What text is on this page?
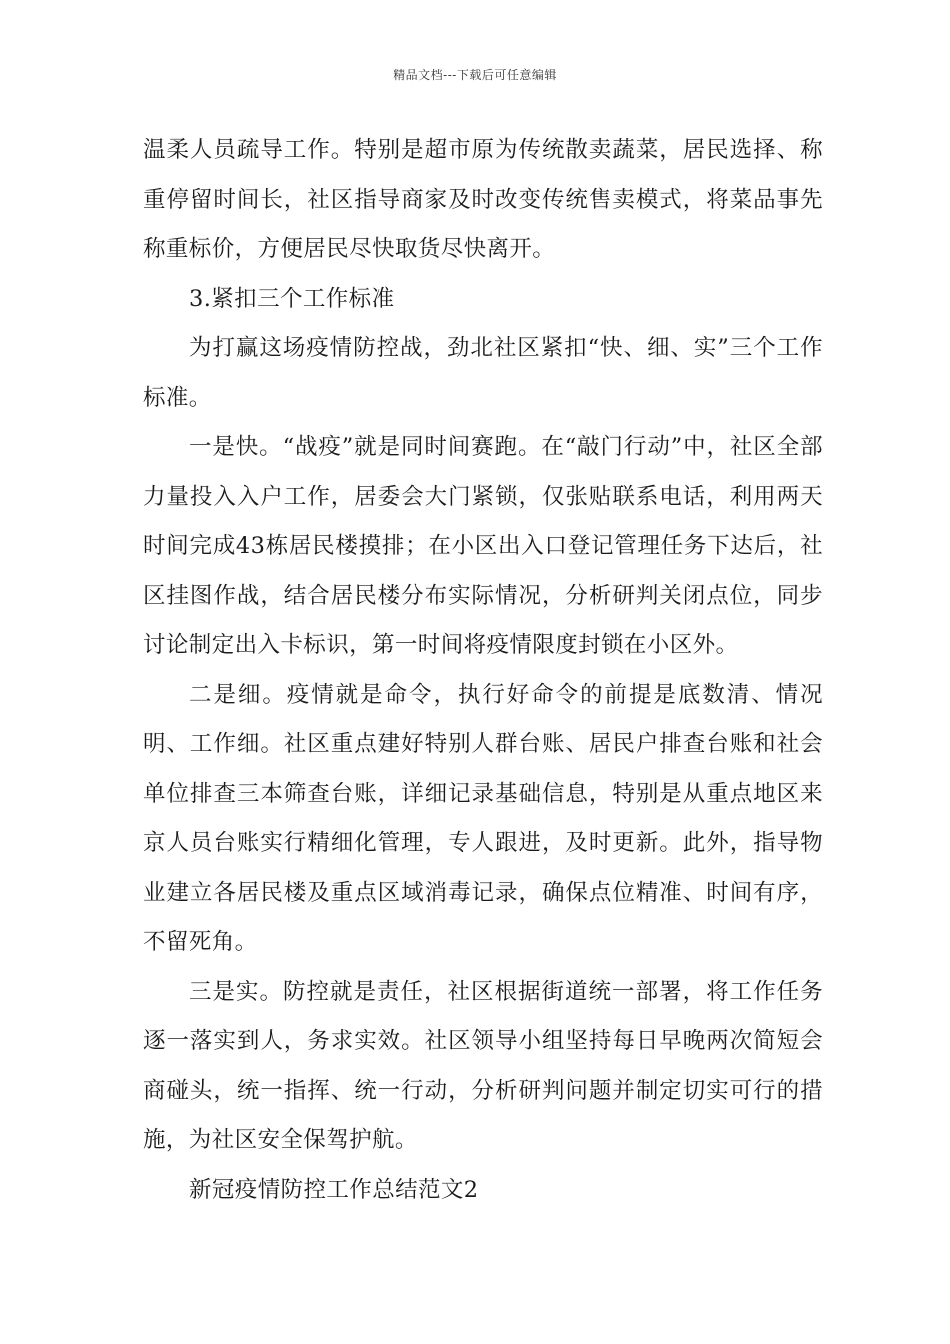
精品文档---下载后可任意编辑

温柔人员疏导工作。特别是超市原为传统散卖蔬菜，居民选择、称重停留时间长，社区指导商家及时改变传统售卖模式，将菜品事先称重标价，方便居民尽快取货尽快离开。

3.紧扣三个工作标准

为打赢这场疫情防控战，劲北社区紧扣“快、细、实”三个工作标准。

一是快。“战疫”就是同时间赛跑。在“敲门行动”中，社区全部力量投入入户工作，居委会大门紧锁，仅张贴联系电话，利用两天时间完成43栋居民楼摸排；在小区出入口登记管理任务下达后，社区挂图作战，结合居民楼分布实际情况，分析研判关闭点位，同步讨论制定出入卡标识，第一时间将疫情限度封锁在小区外。

二是细。疫情就是命令，执行好命令的前提是底数清、情况明、工作细。社区重点建好特别人群台账、居民户排查台账和社会单位排查三本筛查台账，详细记录基础信息，特别是从重点地区来京人员台账实行精细化管理，专人跟进，及时更新。此外，指导物业建立各居民楼及重点区域消毒记录，确保点位精准、时间有序，不留死角。

三是实。防控就是责任，社区根据街道统一部署，将工作任务逐一落实到人，务求实效。社区领导小组坚持每日早晚两次简短会商碰头，统一指挥、统一行动，分析研判问题并制定切实可行的措施，为社区安全保驾护航。

新冠疫情防控工作总结范文2
